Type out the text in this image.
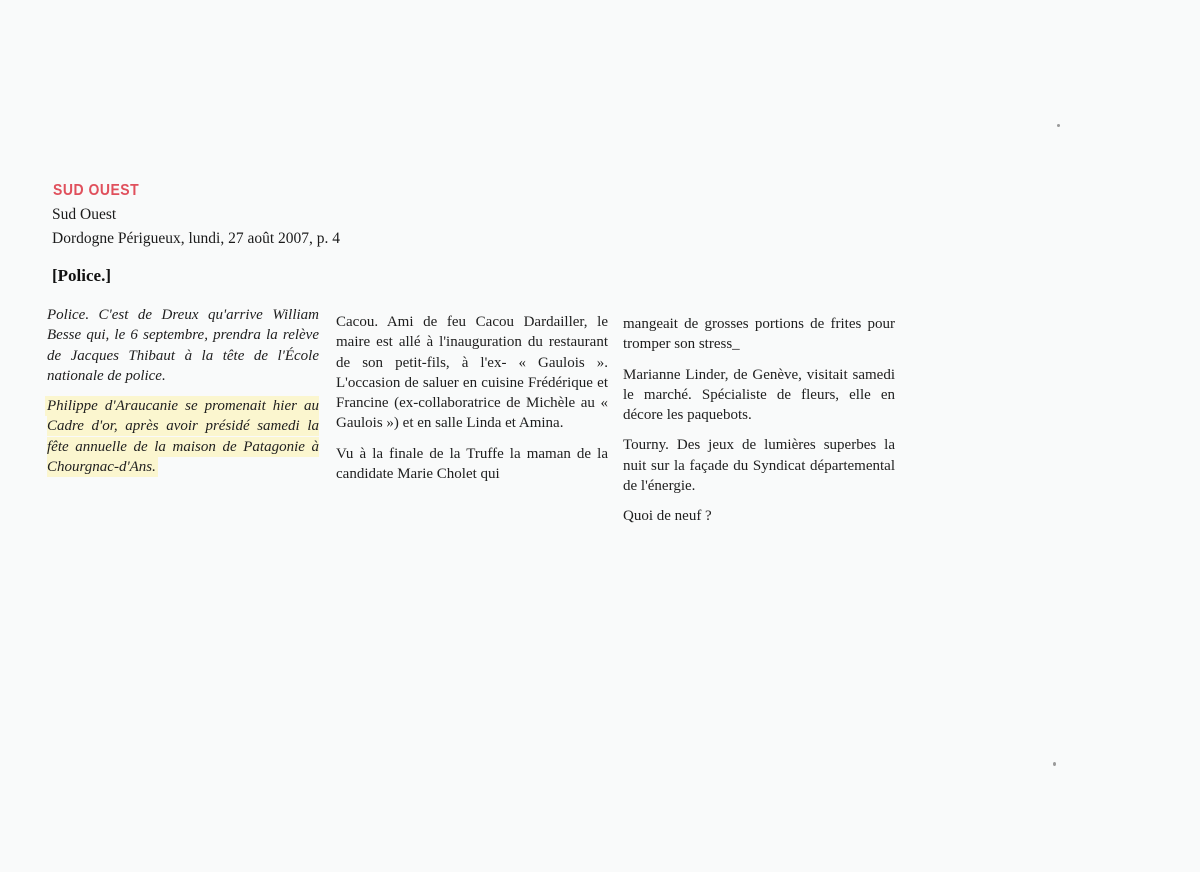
SUD OUEST
Sud Ouest
Dordogne Périgueux, lundi, 27 août 2007, p. 4
[Police.]

Police. C'est de Dreux qu'arrive William Besse qui, le 6 septembre, prendra la relève de Jacques Thibaut à la tête de l'École nationale de police.

Philippe d'Araucanie se promenait hier au Cadre d'or, après avoir présidé samedi la fête annuelle de la maison de Patagonie à Chourgnac-d'Ans.

Cacou. Ami de feu Cacou Dardailler, le maire est allé à l'inauguration du restaurant de son petit-fils, à l'ex- « Gaulois ». L'occasion de saluer en cuisine Frédérique et Francine (ex-collaboratrice de Michèle au « Gaulois ») et en salle Linda et Amina.

Vu à la finale de la Truffe la maman de la candidate Marie Cholet qui

mangeait de grosses portions de frites pour tromper son stress_

Marianne Linder, de Genève, visitait samedi le marché. Spécialiste de fleurs, elle en décore les paquebots.

Tourny. Des jeux de lumières superbes la nuit sur la façade du Syndicat départemental de l'énergie.

Quoi de neuf ?
